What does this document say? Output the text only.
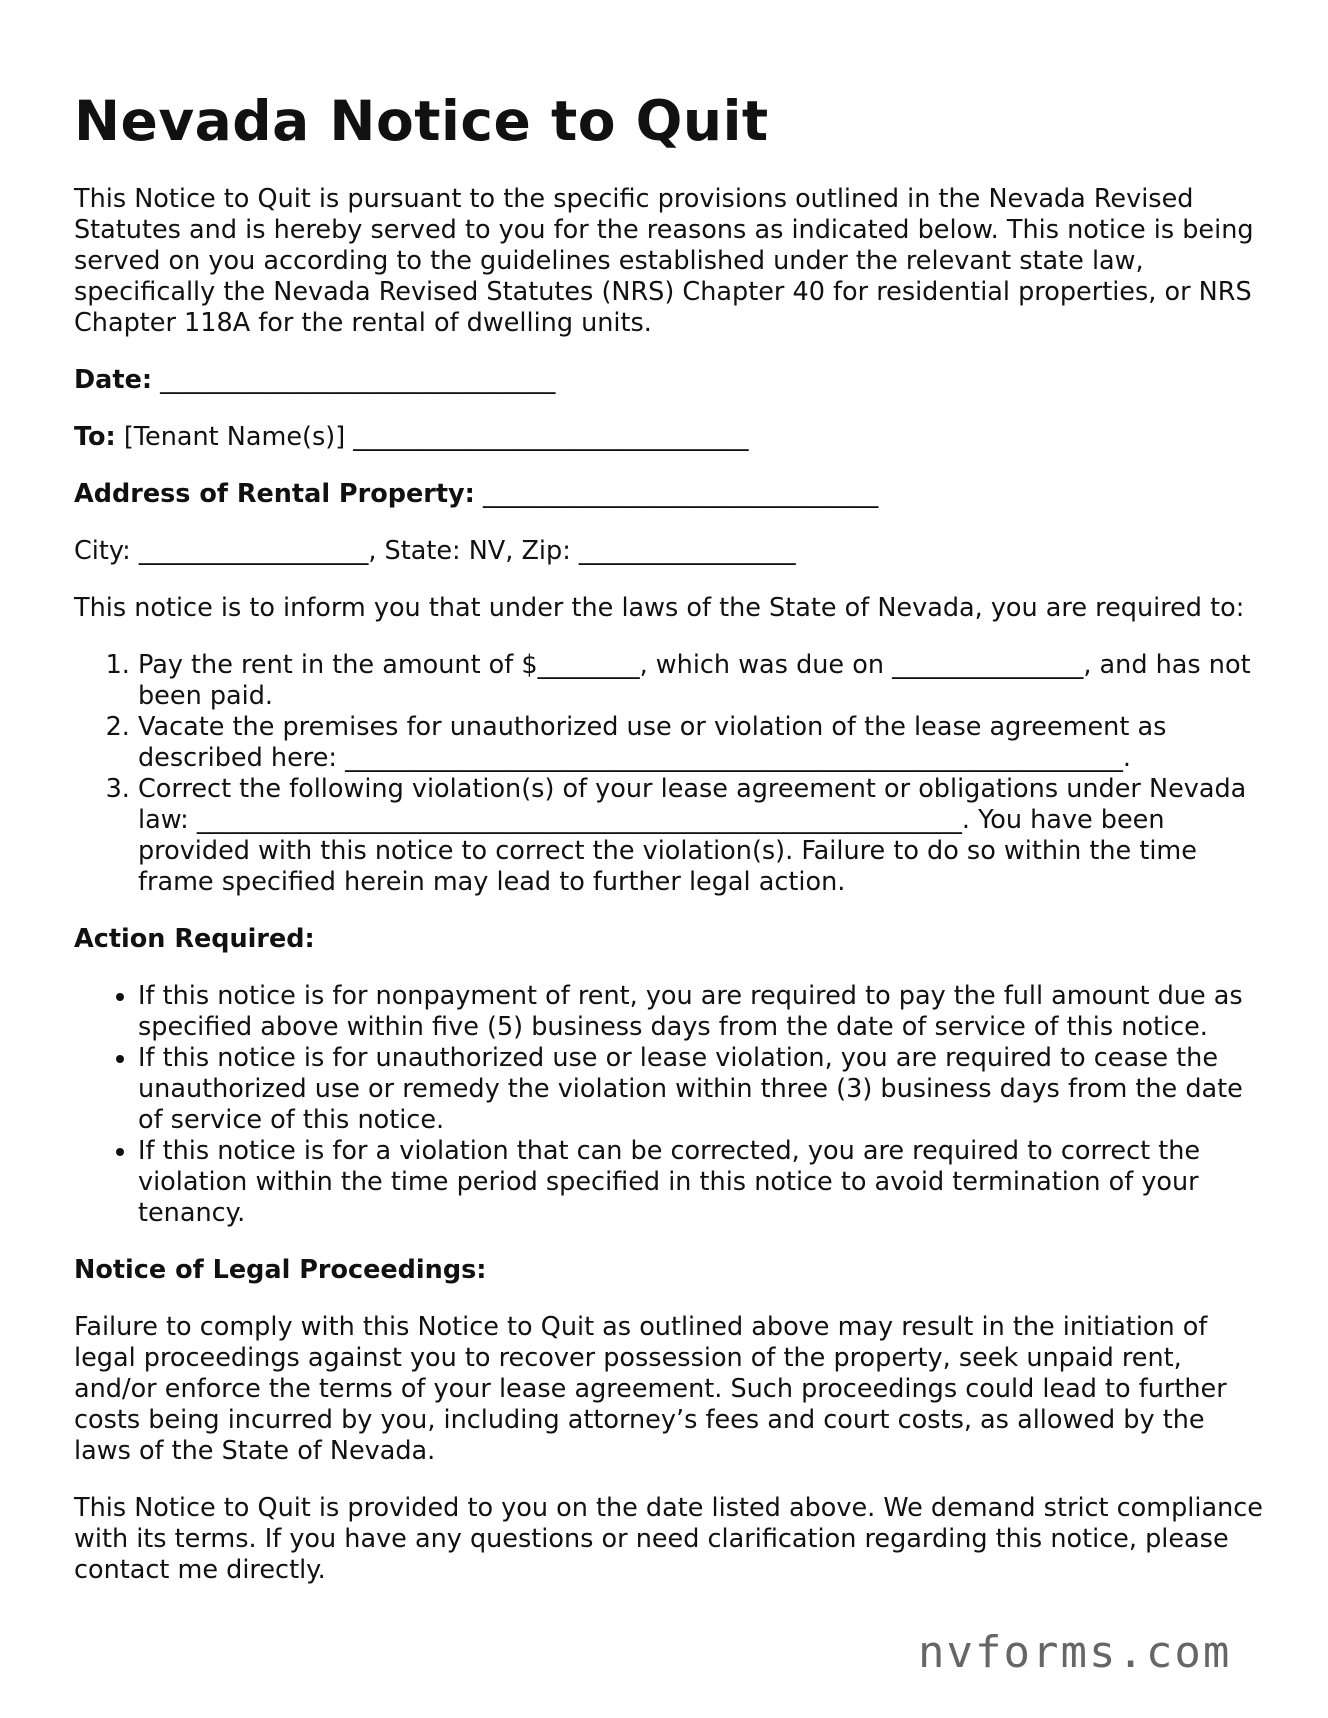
Nevada Notice to Quit

This Notice to Quit is pursuant to the specific provisions outlined in the Nevada Revised Statutes and is hereby served to you for the reasons as indicated below. This notice is being served on you according to the guidelines established under the relevant state law, specifically the Nevada Revised Statutes (NRS) Chapter 40 for residential properties, or NRS Chapter 118A for the rental of dwelling units.

Date: _______________________________
To: [Tenant Name(s)] _______________________________
Address of Rental Property: _______________________________
City: __________________, State: NV, Zip: _________________

This notice is to inform you that under the laws of the State of Nevada, you are required to:

1. Pay the rent in the amount of $________, which was due on _______________, and has not been paid.
2. Vacate the premises for unauthorized use or violation of the lease agreement as described here: _____________________________________________________________.
3. Correct the following violation(s) of your lease agreement or obligations under Nevada law: ____________________________________________________________. You have been provided with this notice to correct the violation(s). Failure to do so within the time frame specified herein may lead to further legal action.
Action Required:
• If this notice is for nonpayment of rent, you are required to pay the full amount due as specified above within five (5) business days from the date of service of this notice.
• If this notice is for unauthorized use or lease violation, you are required to cease the unauthorized use or remedy the violation within three (3) business days from the date of service of this notice.
• If this notice is for a violation that can be corrected, you are required to correct the violation within the time period specified in this notice to avoid termination of your tenancy.
Notice of Legal Proceedings:

Failure to comply with this Notice to Quit as outlined above may result in the initiation of legal proceedings against you to recover possession of the property, seek unpaid rent, and/or enforce the terms of your lease agreement. Such proceedings could lead to further costs being incurred by you, including attorney’s fees and court costs, as allowed by the laws of the State of Nevada.

This Notice to Quit is provided to you on the date listed above. We demand strict compliance with its terms. If you have any questions or need clarification regarding this notice, please contact me directly.

nvforms.com
